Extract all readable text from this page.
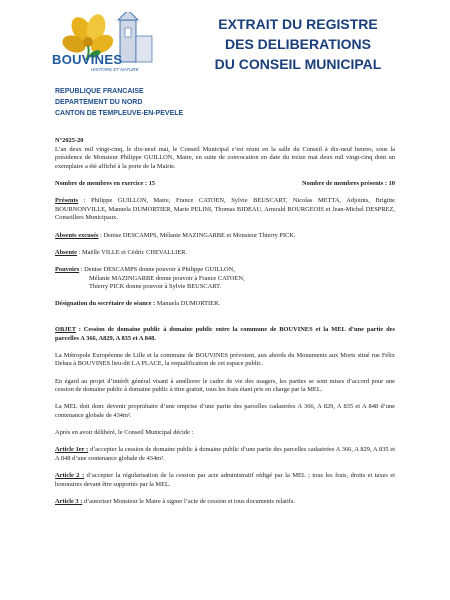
BOUVINES
HISTOIRE ET NATURE
EXTRAIT DU REGISTRE
DES DELIBERATIONS
DU CONSEIL MUNICIPAL
REPUBLIQUE FRANCAISE
DEPARTEMENT DU NORD
CANTON DE TEMPLEUVE-EN-PEVELE

N°2025-20

L’an deux mil vingt-cinq, le dix-neuf mai, le Conseil Municipal s’est réuni en la salle du Conseil à dix-neuf heures, sous la présidence de Monsieur Philippe GUILLON, Maire, en suite de convocation en date du treize mai deux mil vingt-cinq dont un exemplaire a été affiché à la porte de la Mairie.

Nombre de membres en exercice : 15	Nombre de membres présents : 10

Présents : Philippe GUILLON, Maire, France CATOEN, Sylvie BEUSCART, Nicolas METTA, Adjoints, Brigitte BOURNONVILLE, Manuela DUMORTIER, Marie PELINI, Thomas BIDEAU, Arnould BOURGEOIS et Jean-Michel DESPREZ, Conseillers Municipaux.

Absents excusés : Denise DESCAMPS, Mélanie MAZINGARBE et Monsieur Thierry PICK.

Absente : Maëlle VILLE et Cédric CHEVALLIER.

Pouvoirs : Denise DESCAMPS donne pouvoir à Philippe GUILLON,

Mélanie MAZINGARBE donne pouvoir à France CATOEN,

Thierry PICK donne pouvoir à Sylvie BEUSCART.

Désignation du secrétaire de séance : Manuela DUMORTIER.

OBJET : Cession de domaine public à domaine public entre la commune de BOUVINES et la MEL d’une partie des parcelles A 366, A829, A 835 et A 848.

La Métropole Européenne de Lille et la commune de BOUVINES prévoient, aux abords du Monuments aux Morts situé rue Félix Dehau à BOUVINES lieu-dit LA PLACE, la requalification de cet espace public.

En égard au projet d’intérêt général visant à améliorer le cadre de vie des usagers, les parties se sont mises d’accord pour une cession de domaine public à domaine public à titre gratuit, tous les frais étant pris en charge par la MEL.

La MEL doit donc devenir propriétaire d’une emprise d’une partie des parcelles cadastrées A 366, A 829, A 835 et A 848 d’une contenance globale de 434m².

Après en avoir délibéré, le Conseil Municipal décide :

Article 1er : d’accepter la cession de domaine public à domaine public d’une partie des parcelles cadastrées A 366, A 829, A 835 et A 848 d’une contenance globale de 434m².

Article 2 : d’accepter la régularisation de la cession par acte administratif rédigé par la MEL ; tous les frais, droits et taxes et honoraires devant être supportés par la MEL.

Article 3 : d’autoriser Monsieur le Maire à signer l’acte de cession et tous documents relatifs.
